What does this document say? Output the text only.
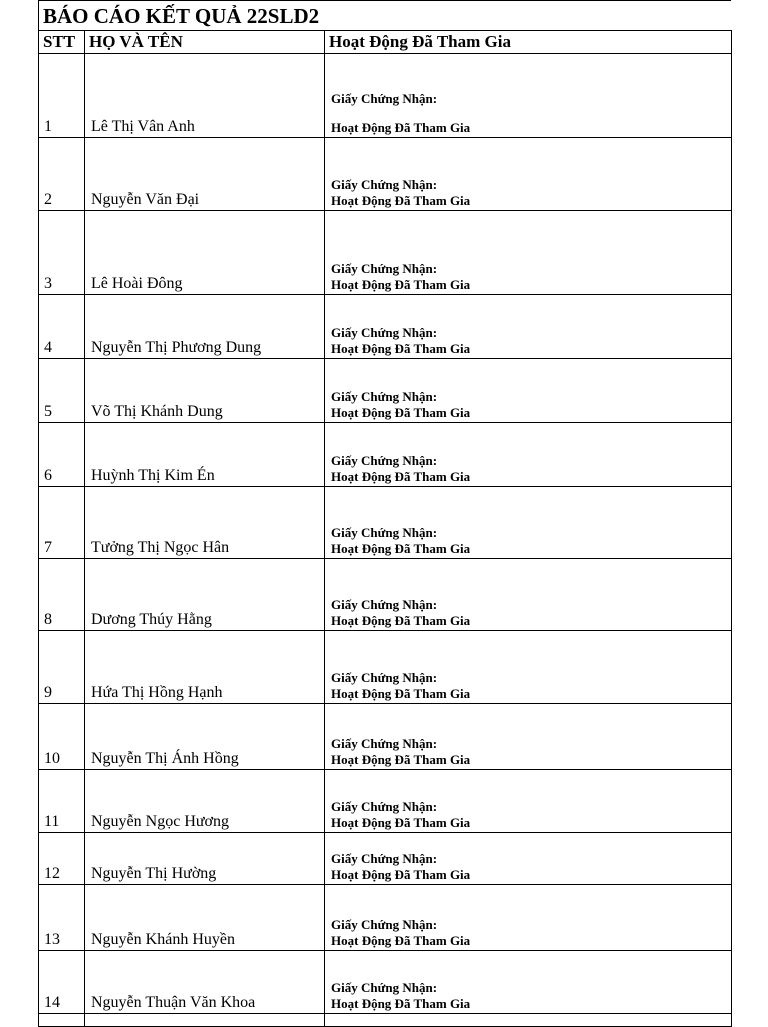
BÁO CÁO KẾT QUẢ 22SLD2
STT	HỌ VÀ TÊN	Hoạt Động Đã Tham Gia
1	Lê Thị Vân Anh	Giấy Chứng Nhận:
Hoạt Động Đã Tham Gia

2	Nguyễn Văn Đại	Giấy Chứng Nhận:
Hoạt Động Đã Tham Gia

3	Lê Hoài Đông	Giấy Chứng Nhận:
Hoạt Động Đã Tham Gia

4	Nguyễn Thị Phương Dung	Giấy Chứng Nhận:
Hoạt Động Đã Tham Gia

5	Võ Thị Khánh Dung	Giấy Chứng Nhận:
Hoạt Động Đã Tham Gia

6	Huỳnh Thị Kim Én	Giấy Chứng Nhận:
Hoạt Động Đã Tham Gia

7	Tưởng Thị Ngọc Hân	Giấy Chứng Nhận:
Hoạt Động Đã Tham Gia

8	Dương Thúy Hằng	Giấy Chứng Nhận:
Hoạt Động Đã Tham Gia

9	Hứa Thị Hồng Hạnh	Giấy Chứng Nhận:
Hoạt Động Đã Tham Gia

10	Nguyễn Thị Ánh Hồng	Giấy Chứng Nhận:
Hoạt Động Đã Tham Gia

11	Nguyễn Ngọc Hương	Giấy Chứng Nhận:
Hoạt Động Đã Tham Gia

12	Nguyễn Thị Hường	Giấy Chứng Nhận:
Hoạt Động Đã Tham Gia

13	Nguyễn Khánh Huyền	Giấy Chứng Nhận:
Hoạt Động Đã Tham Gia

14	Nguyễn Thuận Văn Khoa	Giấy Chứng Nhận:
Hoạt Động Đã Tham Gia
